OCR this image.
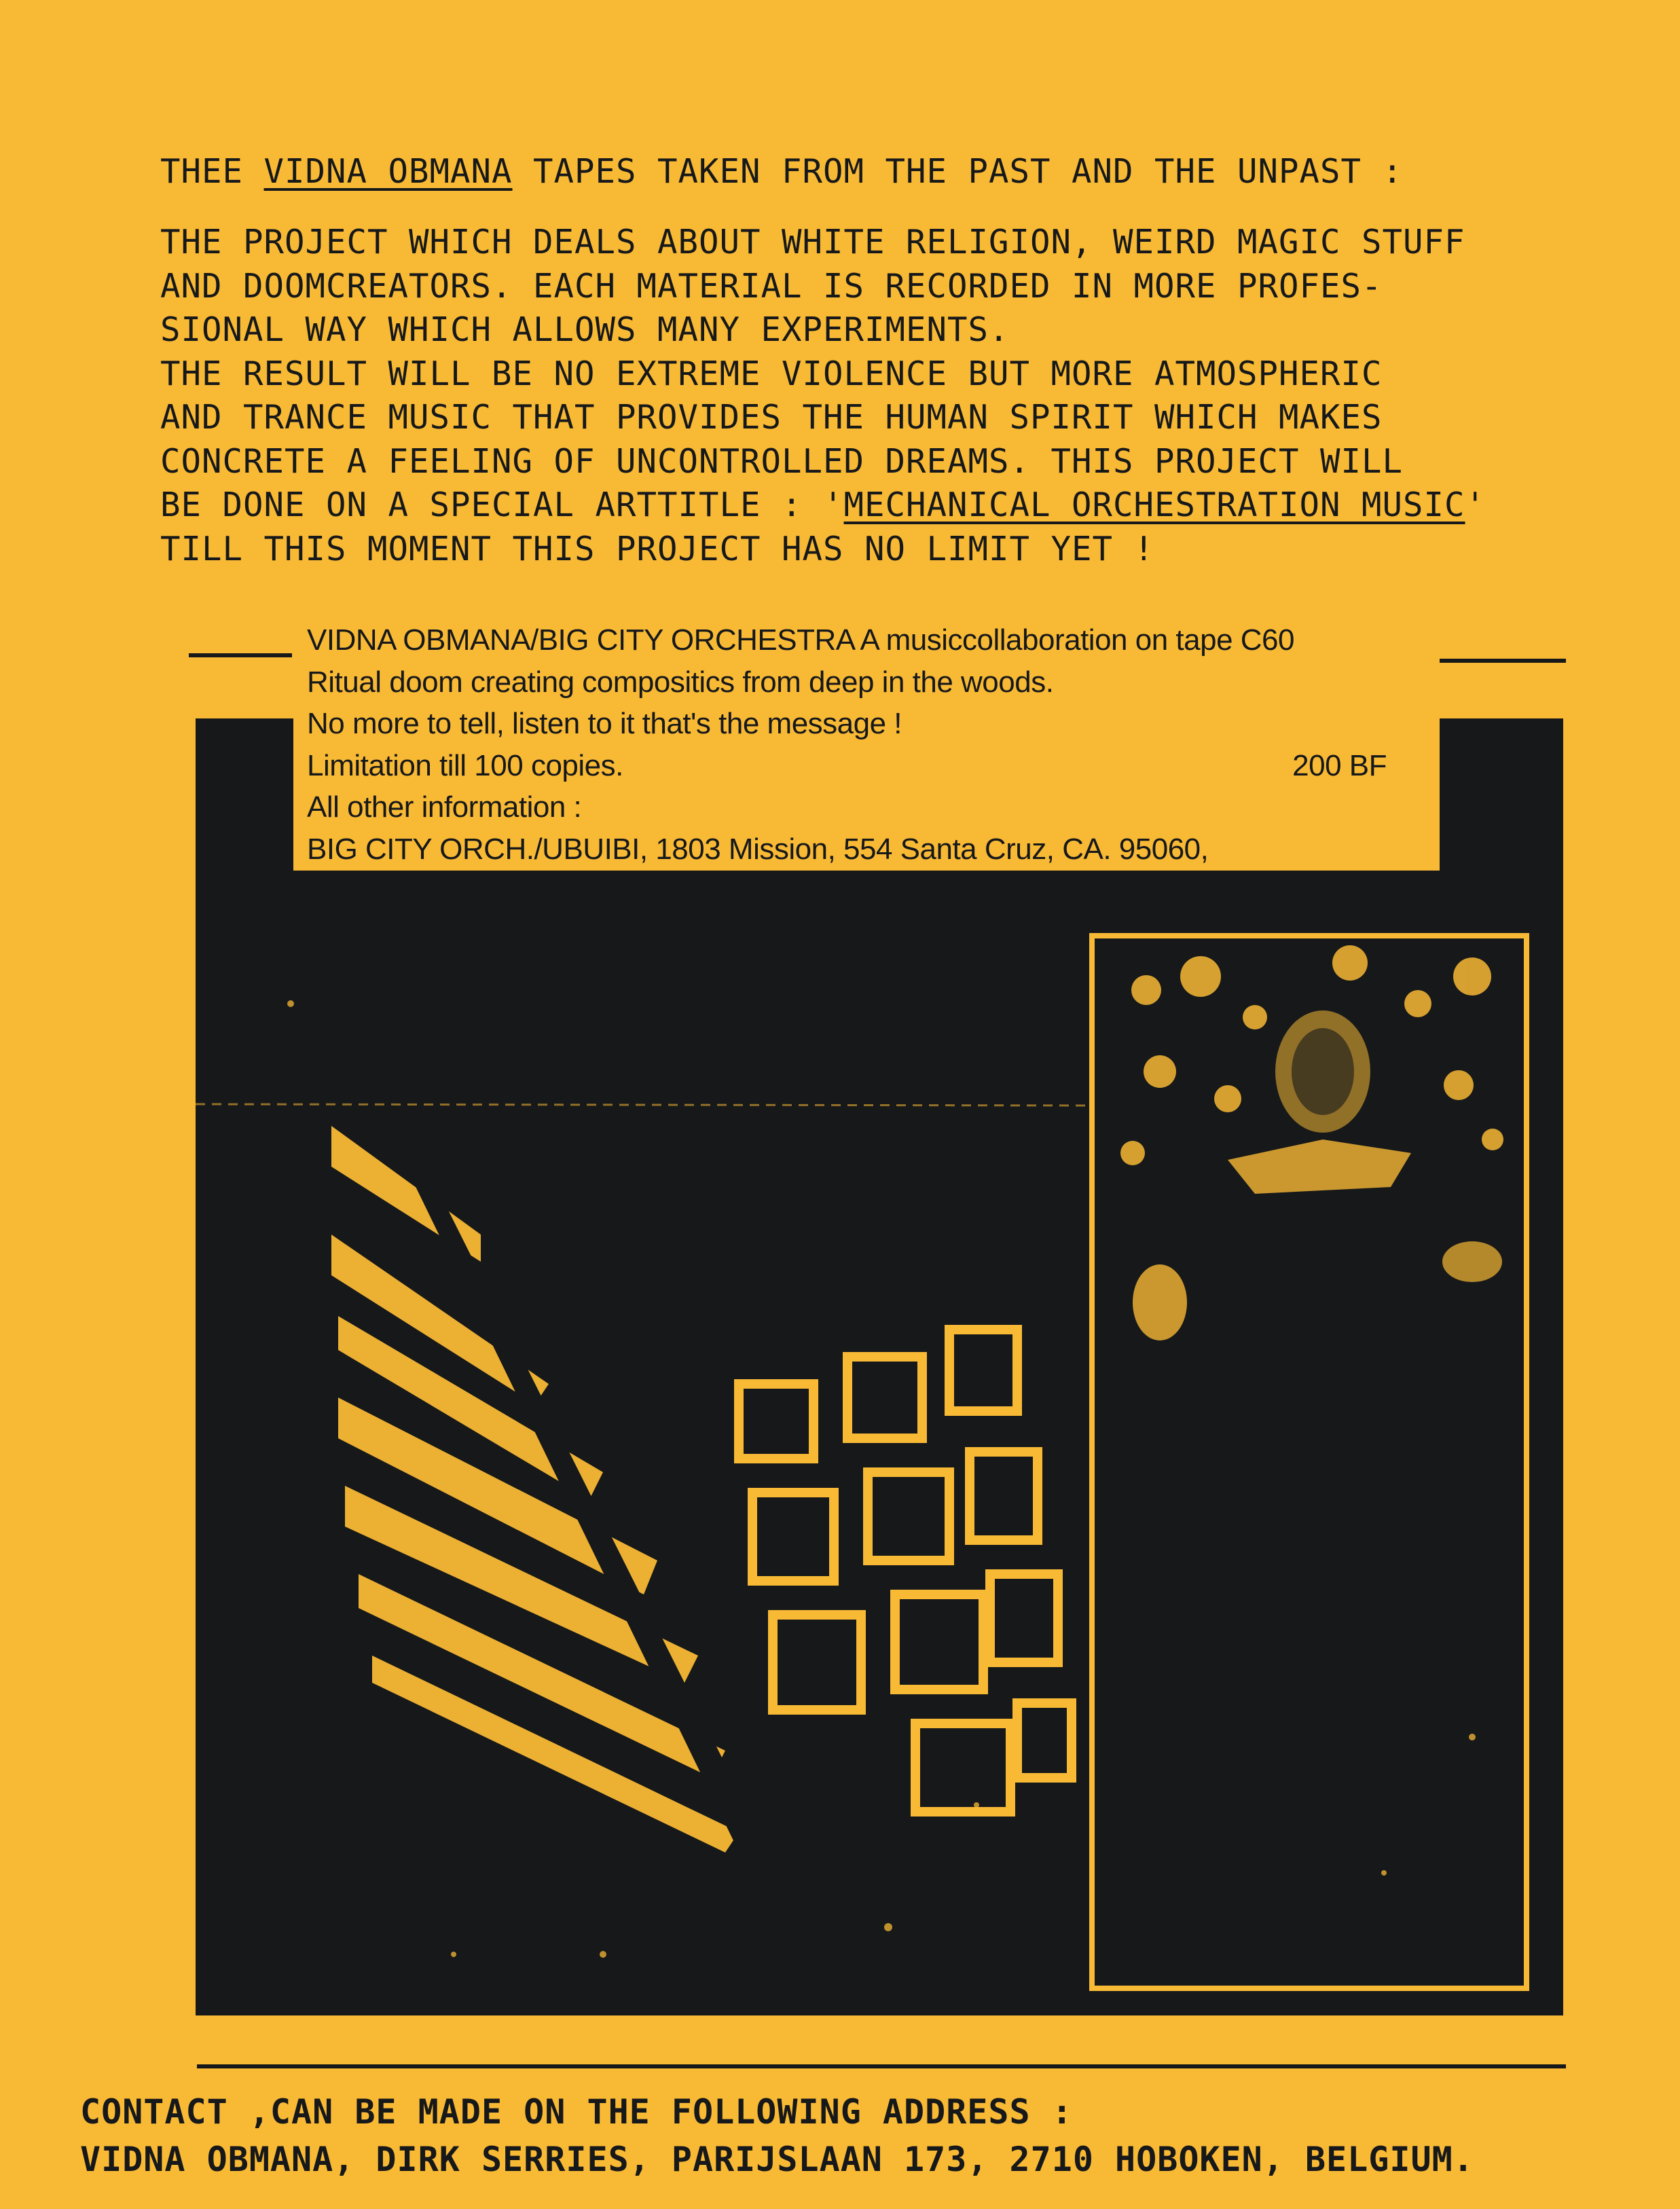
THEE VIDNA OBMANA TAPES TAKEN FROM THE PAST AND THE UNPAST :
THE PROJECT WHICH DEALS ABOUT WHITE RELIGION, WEIRD MAGIC STUFF
AND DOOMCREATORS. EACH MATERIAL IS RECORDED IN MORE PROFES-
SIONAL WAY WHICH ALLOWS MANY EXPERIMENTS.
THE RESULT WILL BE NO EXTREME VIOLENCE BUT MORE ATMOSPHERIC
AND TRANCE MUSIC THAT PROVIDES THE HUMAN SPIRIT WHICH MAKES
CONCRETE A FEELING OF UNCONTROLLED DREAMS. THIS PROJECT WILL
BE DONE ON A SPECIAL ARTTITLE : 'MECHANICAL ORCHESTRATION MUSIC'
TILL THIS MOMENT THIS PROJECT HAS NO LIMIT YET !
VIDNA OBMANA/BIG CITY ORCHESTRA A musiccollaboration on tape C60
Ritual doom creating compositics from deep in the woods.
No more to tell, listen to it that's the message !
Limitation till 100 copies.	200 BF
All other information :
BIG CITY ORCH./UBUIBI, 1803 Mission, 554 Santa Cruz, CA. 95060,
CONTACT ,CAN BE MADE ON THE FOLLOWING ADDRESS :
VIDNA OBMANA, DIRK SERRIES, PARIJSLAAN 173, 2710 HOBOKEN, BELGIUM.
